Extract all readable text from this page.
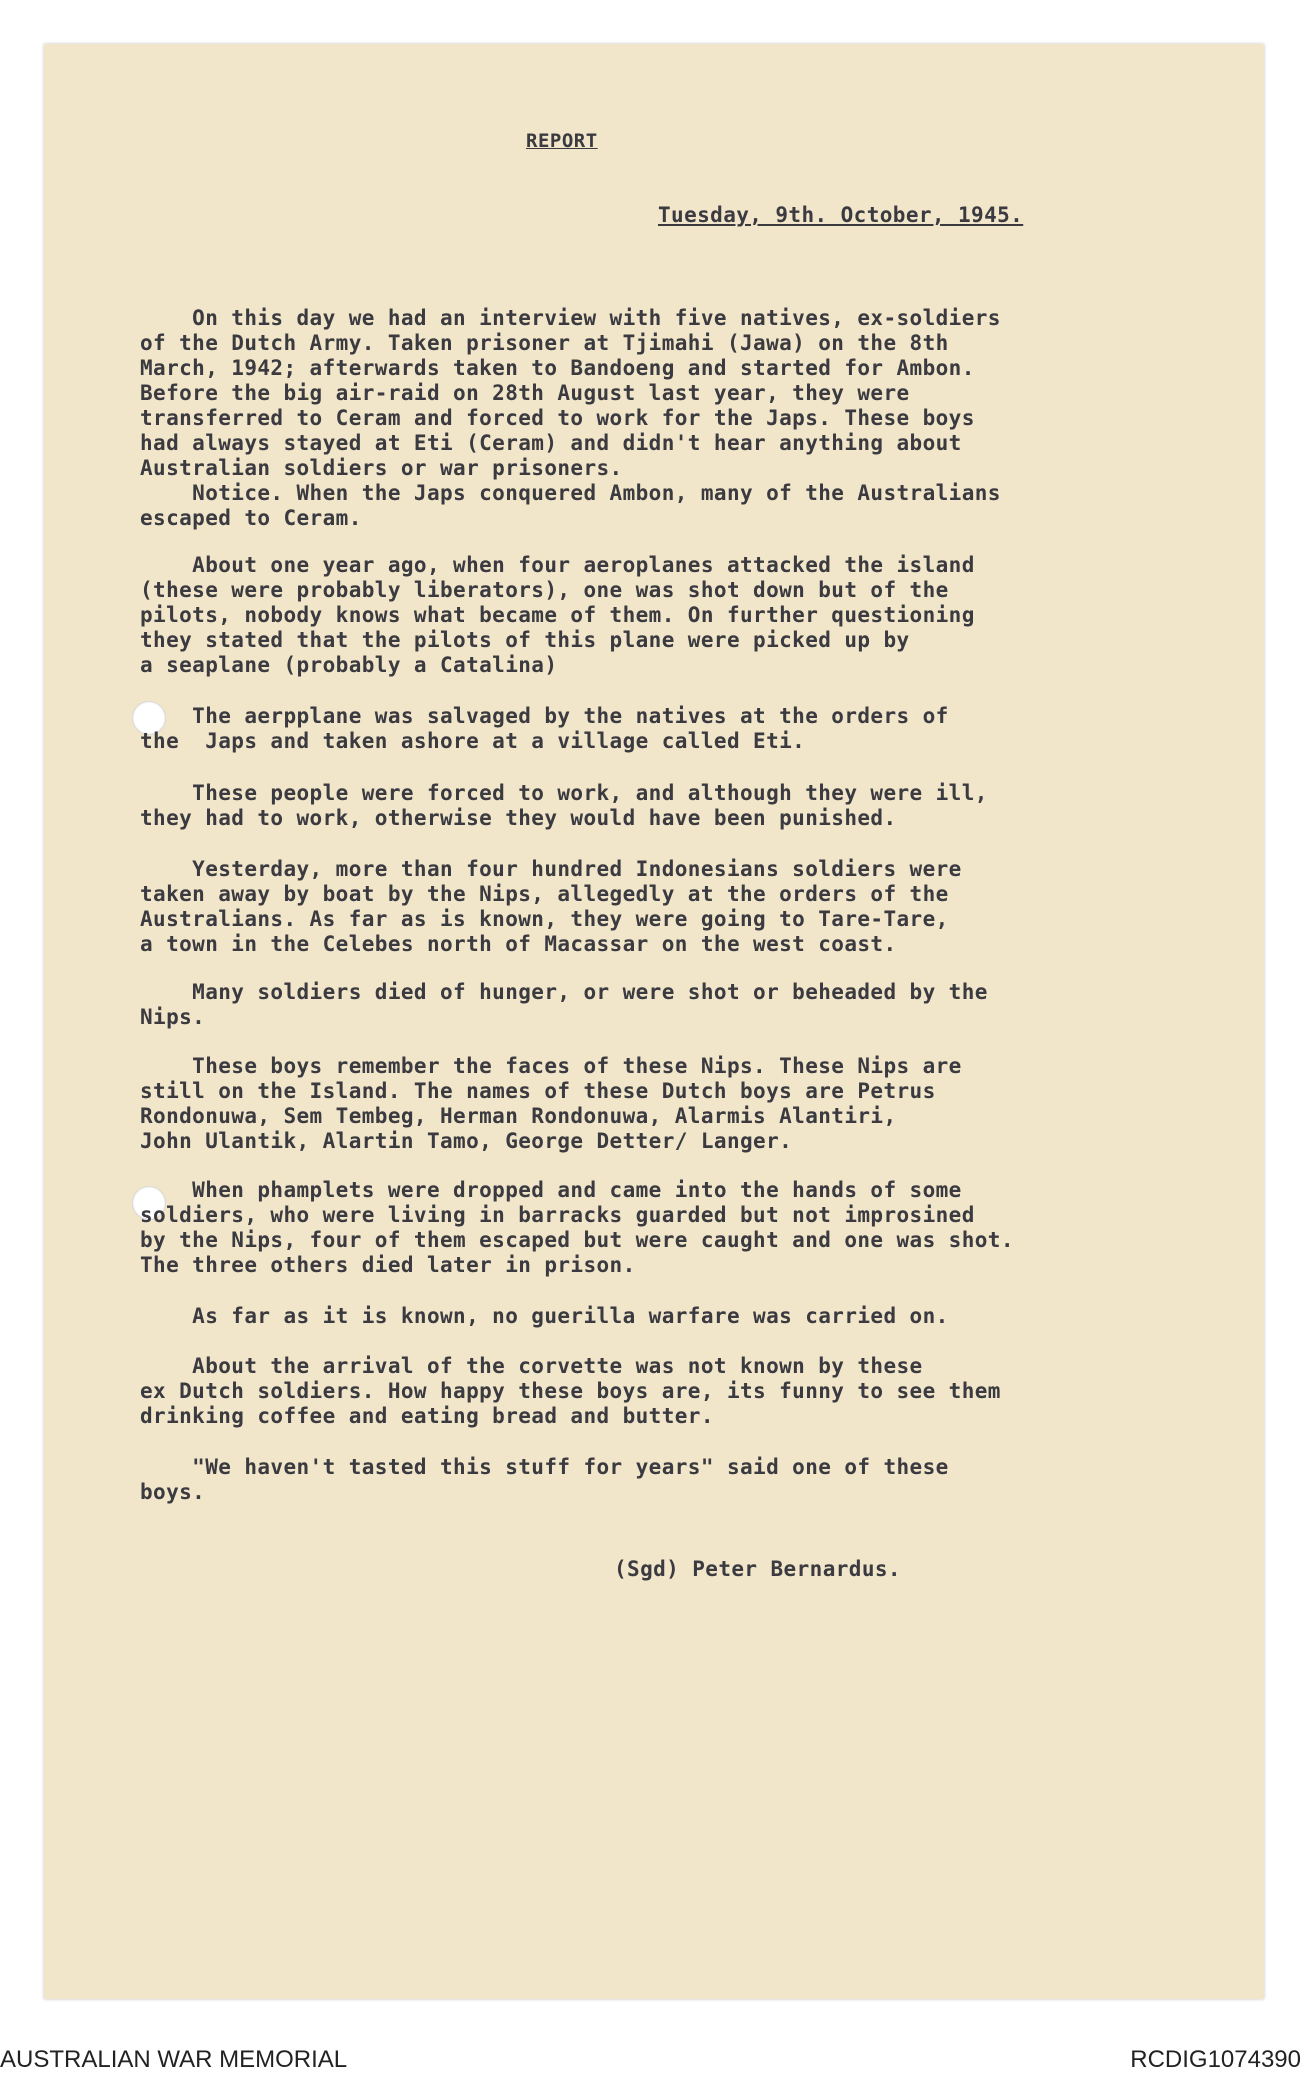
REPORT
Tuesday, 9th. October, 1945.
On this day we had an interview with five natives, ex-soldiers
of the Dutch Army. Taken prisoner at Tjimahi (Jawa) on the 8th
March, 1942; afterwards taken to Bandoeng and started for Ambon.
Before the big air-raid on 28th August last year, they were
transferred to Ceram and forced to work for the Japs. These boys
had always stayed at Eti (Ceram) and didn't hear anything about
Australian soldiers or war prisoners.
Notice. When the Japs conquered Ambon, many of the Australians
escaped to Ceram.
About one year ago, when four aeroplanes attacked the island
(these were probably liberators), one was shot down but of the
pilots, nobody knows what became of them. On further questioning
they stated that the pilots of this plane were picked up by
a seaplane (probably a Catalina)
The aerpplane was salvaged by the natives at the orders of
the  Japs and taken ashore at a village called Eti.
These people were forced to work, and although they were ill,
they had to work, otherwise they would have been punished.
Yesterday, more than four hundred Indonesians soldiers were
taken away by boat by the Nips, allegedly at the orders of the
Australians. As far as is known, they were going to Tare-Tare,
a town in the Celebes north of Macassar on the west coast.
Many soldiers died of hunger, or were shot or beheaded by the
Nips.
These boys remember the faces of these Nips. These Nips are
still on the Island. The names of these Dutch boys are Petrus
Rondonuwa, Sem Tembeg, Herman Rondonuwa, Alarmis Alantiri,
John Ulantik, Alartin Tamo, George Detter/ Langer.
When phamplets were dropped and came into the hands of some
soldiers, who were living in barracks guarded but not improsined
by the Nips, four of them escaped but were caught and one was shot.
The three others died later in prison.
As far as it is known, no guerilla warfare was carried on.
About the arrival of the corvette was not known by these
ex Dutch soldiers. How happy these boys are, its funny to see them
drinking coffee and eating bread and butter.
"We haven't tasted this stuff for years" said one of these
boys.
(Sgd) Peter Bernardus.
AUSTRALIAN WAR MEMORIAL	RCDIG1074390
